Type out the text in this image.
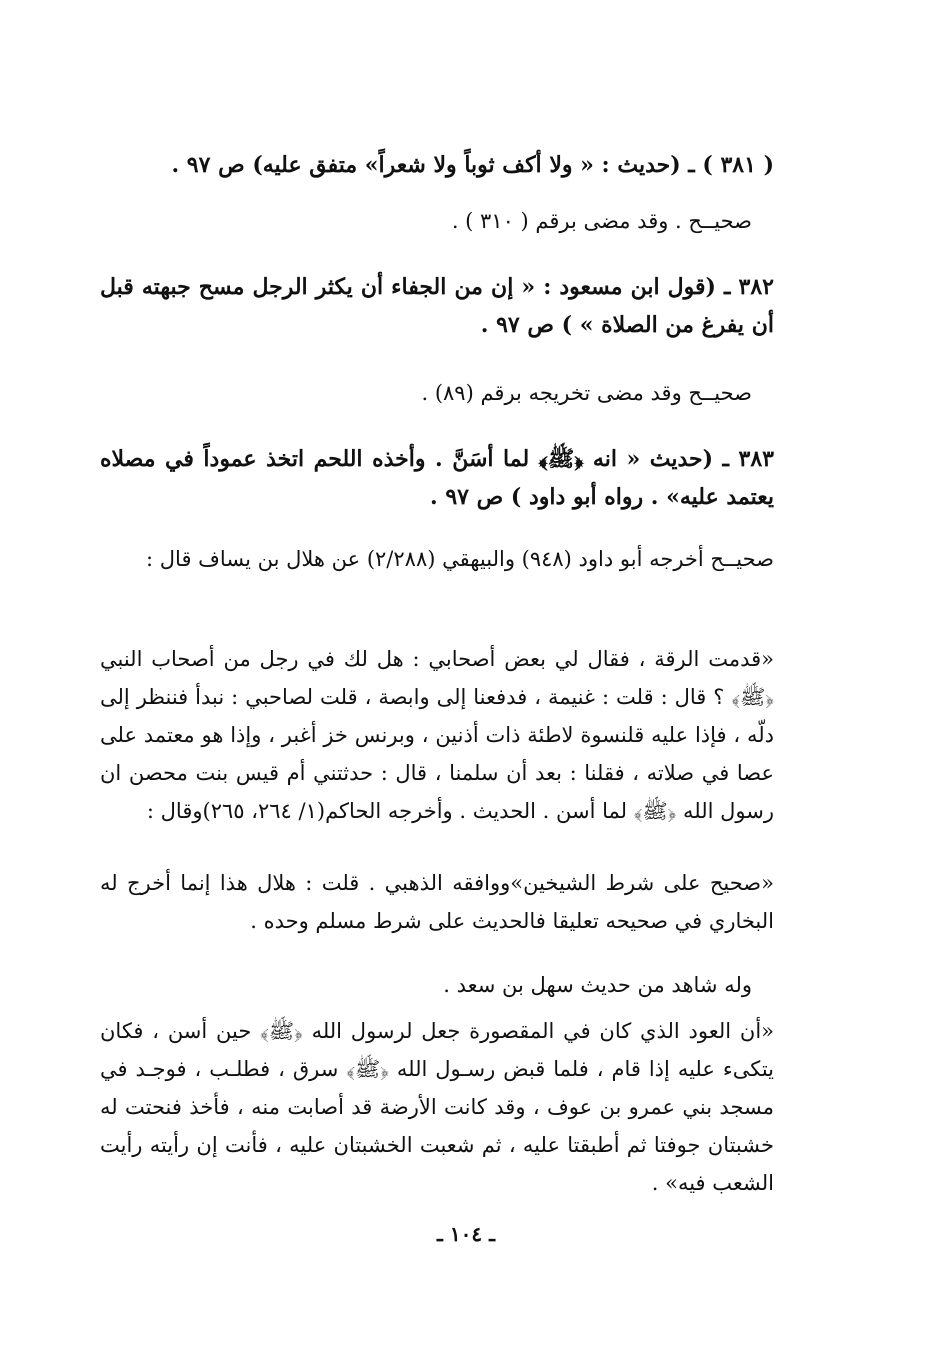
( ٣٨١ ) ـ (حديث : « ولا أكف ثوباً ولا شعراً» متفق عليه) ص ٩٧ .
صحيــح . وقد مضى برقم ( ٣١٠ ) .
٣٨٢ ـ (قول ابن مسعود : « إن من الجفاء أن يكثر الرجل مسح جبهته قبل أن يفرغ من الصلاة » ) ص ٩٧ .
صحيــح وقد مضى تخريجه برقم (٨٩) .
٣٨٣ ـ (حديث « انه ﴿ﷺ﴾ لما أسَنَّ . وأخذه اللحم اتخذ عموداً في مصلاه يعتمد عليه» . رواه أبو داود ) ص ٩٧ .
صحيــح أخرجه أبو داود (٩٤٨) والبيهقي (٢/٢٨٨) عن هلال بن يساف قال :
«قدمت الرقة ، فقال لي بعض أصحابي : هل لك في رجل من أصحاب النبي ﴿ﷺ﴾ ؟ قال : قلت : غنيمة ، فدفعنا إلى وابصة ، قلت لصاحبي : نبدأ فننظر إلى دلّه ، فإذا عليه قلنسوة لاطئة ذات أذنين ، وبرنس خز أغبر ، وإذا هو معتمد على عصا في صلاته ، فقلنا : بعد أن سلمنا ، قال : حدثتني أم قيس بنت محصن ان رسول الله ﴿ﷺ﴾ لما أسن . الحديث . وأخرجه الحاكم(١/ ٢٦٤، ٢٦٥)وقال :
«صحيح على شرط الشيخين»ووافقه الذهبي . قلت : هلال هذا إنما أخرج له البخاري في صحيحه تعليقا فالحديث على شرط مسلم وحده .
وله شاهد من حديث سهل بن سعد .
«أن العود الذي كان في المقصورة جعل لرسول الله ﴿ﷺ﴾ حين أسن ، فكان يتكىء عليه إذا قام ، فلما قبض رسـول الله ﴿ﷺ﴾ سرق ، فطلـب ، فوجـد في مسجد بني عمرو بن عوف ، وقد كانت الأرضة قد أصابت منه ، فأخذ فنحتت له خشبتان جوفتا ثم أطبقتا عليه ، ثم شعبت الخشبتان عليه ، فأنت إن رأيته رأيت الشعب فيه» .
ـ ١٠٤ ـ
